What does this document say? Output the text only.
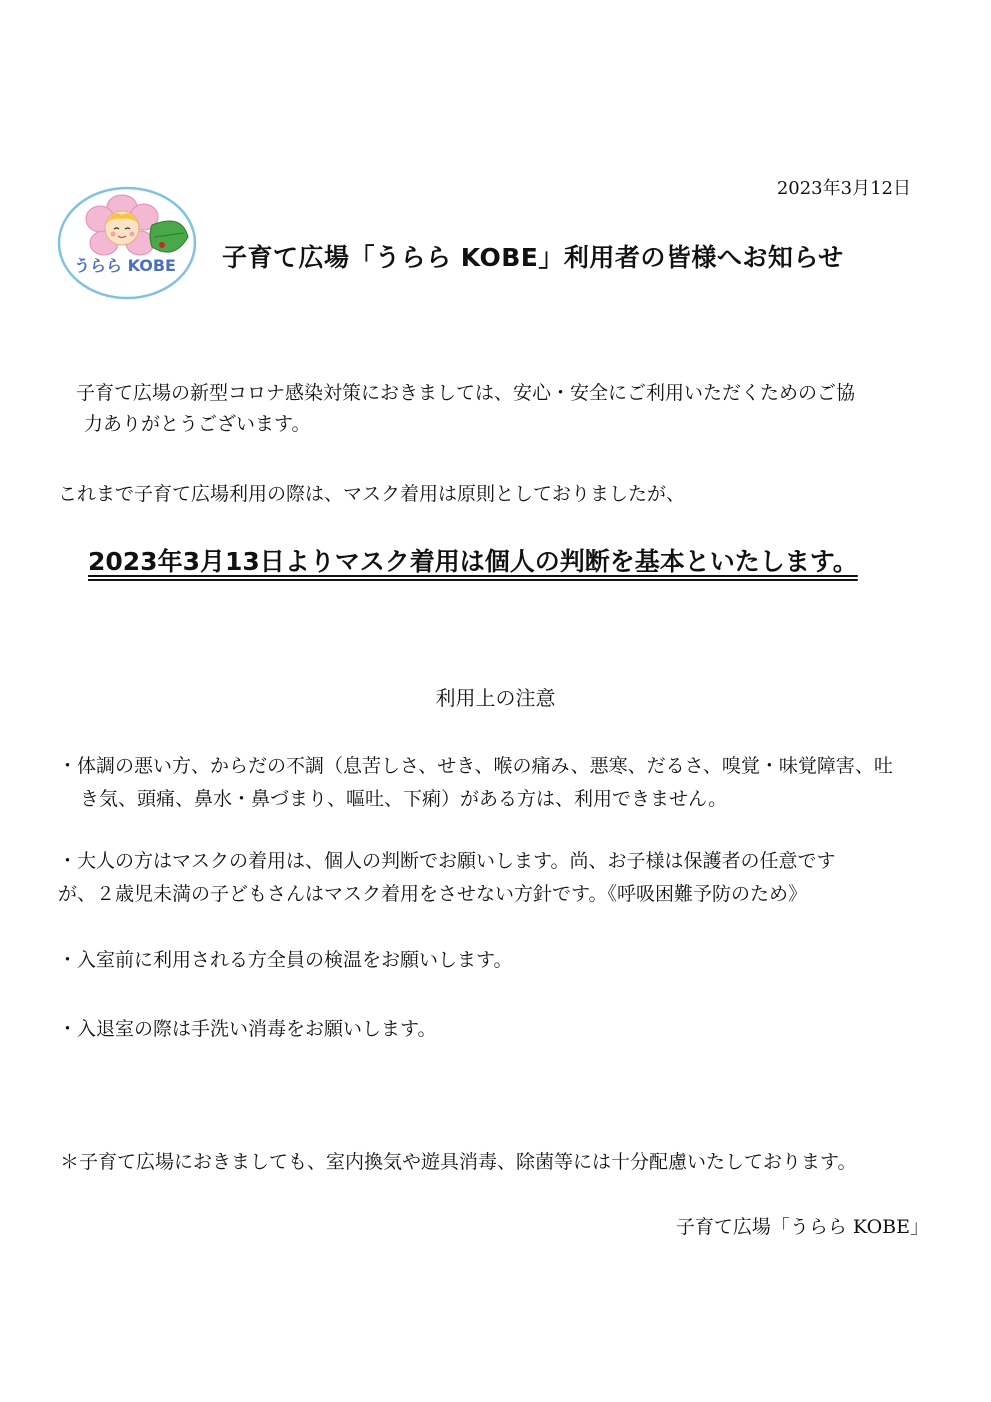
2023年3月12日
うらら KOBE 子育て広場「うらら KOBE」利用者の皆様へお知らせ
子育て広場の新型コロナ感染対策におきましては、安心・安全にご利用いただくためのご協
力ありがとうございます。
これまで子育て広場利用の際は、マスク着用は原則としておりましたが、
2023年3月13日よりマスク着用は個人の判断を基本といたします。
利用上の注意
・体調の悪い方、からだの不調（息苦しさ、せき、喉の痛み、悪寒、だるさ、嗅覚・味覚障害、吐
き気、頭痛、鼻水・鼻づまり、嘔吐、下痢）がある方は、利用できません。
・大人の方はマスクの着用は、個人の判断でお願いします。尚、お子様は保護者の任意です
が、２歳児未満の子どもさんはマスク着用をさせない方針です。《呼吸困難予防のため》
・入室前に利用される方全員の検温をお願いします。
・入退室の際は手洗い消毒をお願いします。
＊子育て広場におきましても、室内換気や遊具消毒、除菌等には十分配慮いたしております。
子育て広場「うらら KOBE」
